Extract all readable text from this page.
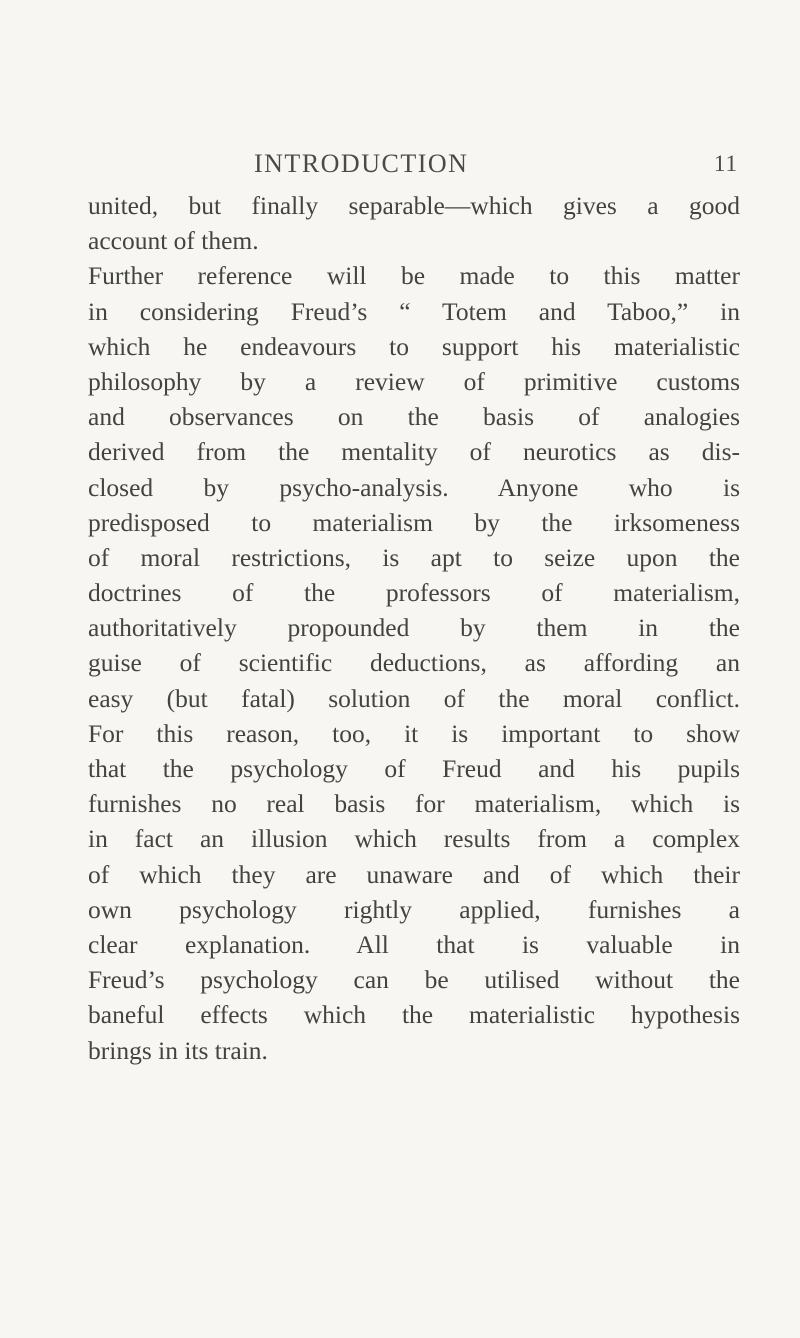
INTRODUCTION	11
united, but finally separable—which gives a good
account of them.
Further reference will be made to this matter
in considering Freud’s “ Totem and Taboo,” in
which he endeavours to support his materialistic
philosophy by a review of primitive customs
and observances on the basis of analogies
derived from the mentality of neurotics as dis-
closed by psycho-analysis. Anyone who is
predisposed to materialism by the irksomeness
of moral restrictions, is apt to seize upon the
doctrines of the professors of materialism,
authoritatively propounded by them in the
guise of scientific deductions, as affording an
easy (but fatal) solution of the moral conflict.
For this reason, too, it is important to show
that the psychology of Freud and his pupils
furnishes no real basis for materialism, which is
in fact an illusion which results from a complex
of which they are unaware and of which their
own psychology rightly applied, furnishes a
clear explanation. All that is valuable in
Freud’s psychology can be utilised without the
baneful effects which the materialistic hypothesis
brings in its train.
